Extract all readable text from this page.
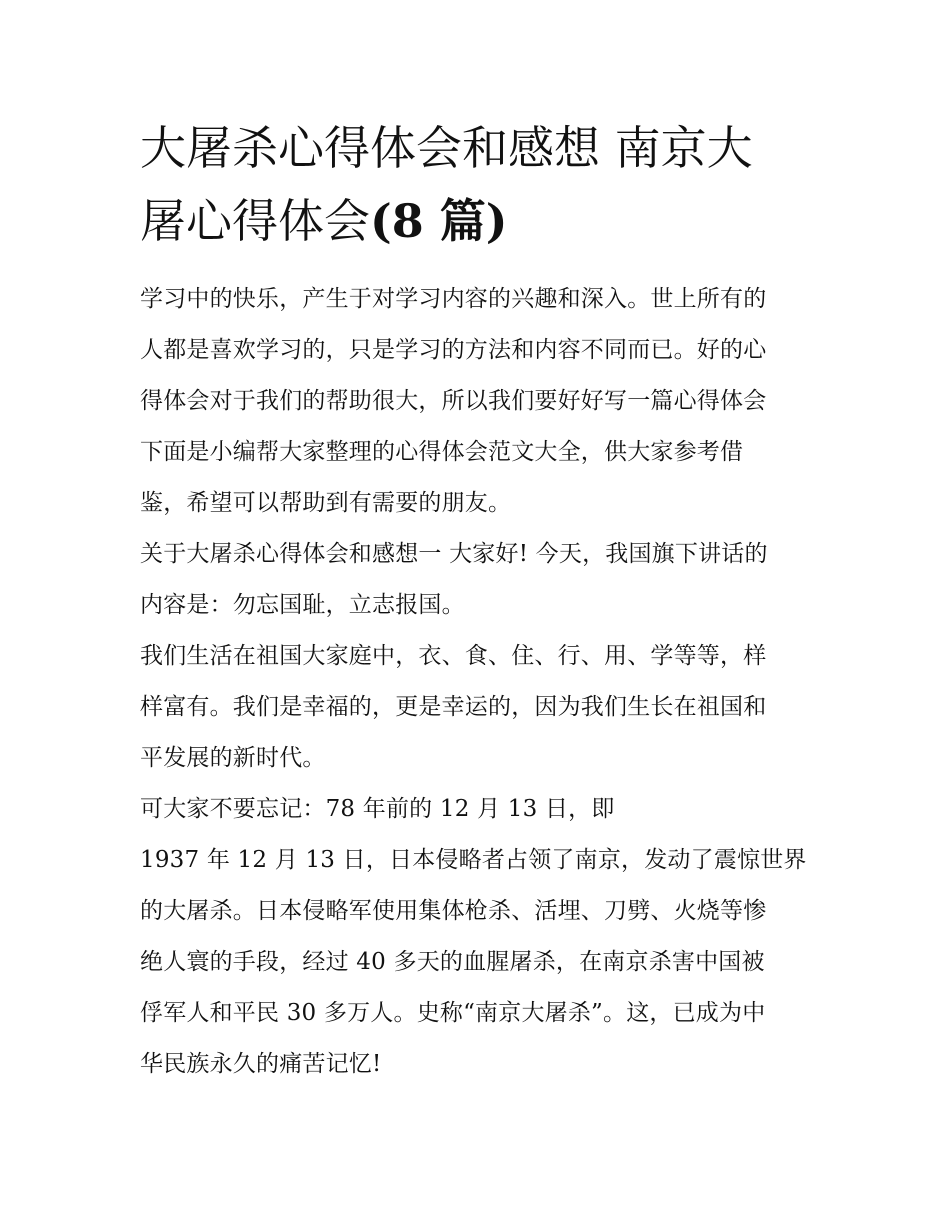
大屠杀心得体会和感想 南京大
屠心得体会(8 篇)
学习中的快乐，产生于对学习内容的兴趣和深入。世上所有的
人都是喜欢学习的，只是学习的方法和内容不同而已。好的心
得体会对于我们的帮助很大，所以我们要好好写一篇心得体会
下面是小编帮大家整理的心得体会范文大全，供大家参考借
鉴，希望可以帮助到有需要的朋友。
关于大屠杀心得体会和感想一 大家好! 今天，我国旗下讲话的
内容是：勿忘国耻，立志报国。
我们生活在祖国大家庭中，衣、食、住、行、用、学等等，样
样富有。我们是幸福的，更是幸运的，因为我们生长在祖国和
平发展的新时代。
可大家不要忘记：78 年前的 12 月 13 日，即
1937 年 12 月 13 日，日本侵略者占领了南京，发动了震惊世界
的大屠杀。日本侵略军使用集体枪杀、活埋、刀劈、火烧等惨
绝人寰的手段，经过 40 多天的血腥屠杀，在南京杀害中国被
俘军人和平民 30 多万人。史称“南京大屠杀”。这，已成为中
华民族永久的痛苦记忆!
